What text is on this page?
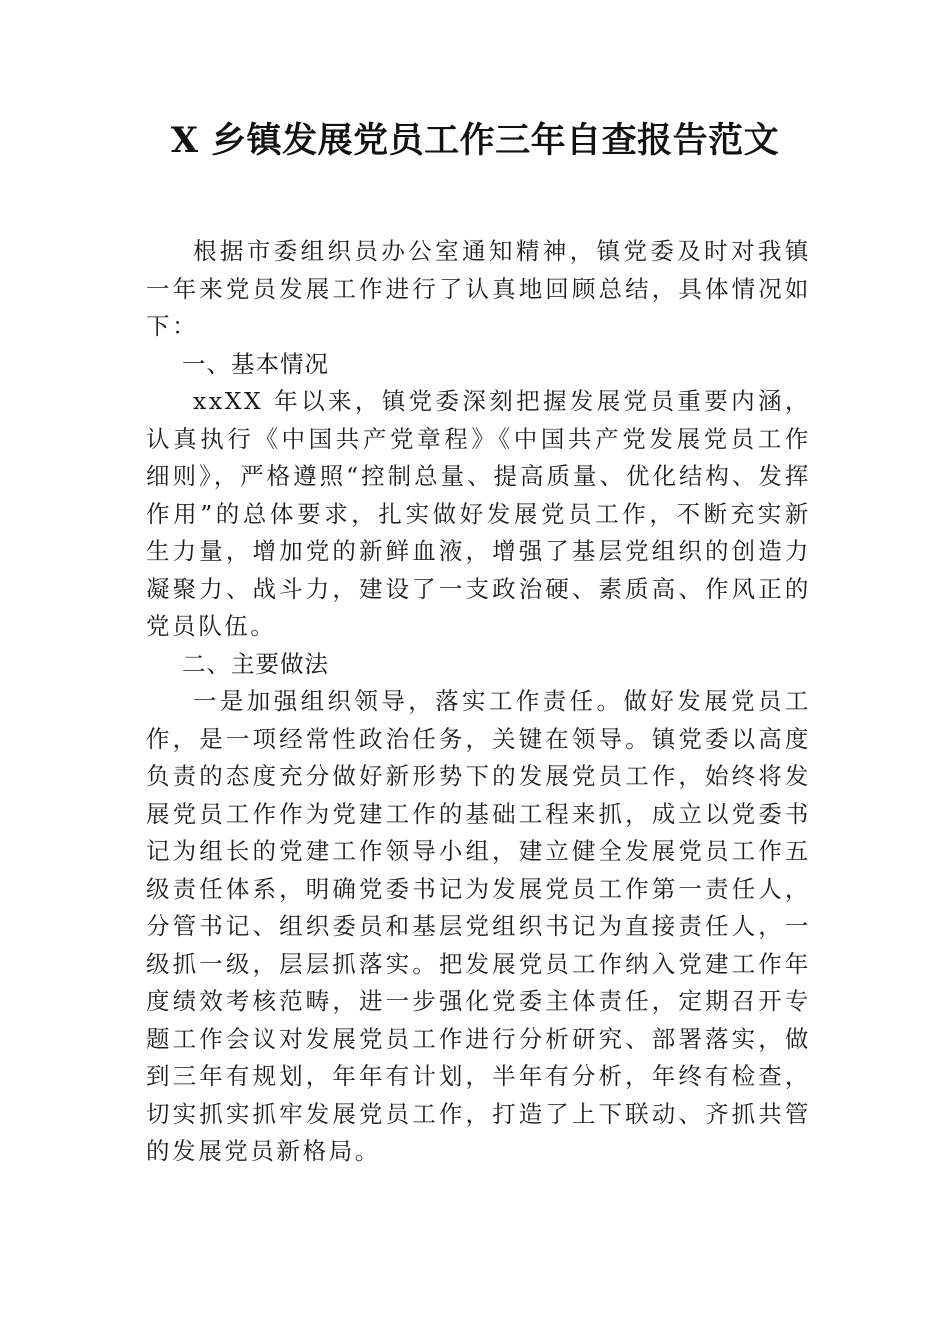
X 乡镇发展党员工作三年自查报告范文

根据市委组织员办公室通知精神，镇党委及时对我镇一年来党员发展工作进行了认真地回顾总结，具体情况如下：

一、基本情况

xxXX 年以来，镇党委深刻把握发展党员重要内涵，认真执行《中国共产党章程》《中国共产党发展党员工作细则》，严格遵照“控制总量、提高质量、优化结构、发挥作用”的总体要求，扎实做好发展党员工作，不断充实新生力量，增加党的新鲜血液，增强了基层党组织的创造力凝聚力、战斗力，建设了一支政治硬、素质高、作风正的党员队伍。

二、主要做法

一是加强组织领导，落实工作责任。做好发展党员工作，是一项经常性政治任务，关键在领导。镇党委以高度负责的态度充分做好新形势下的发展党员工作，始终将发展党员工作作为党建工作的基础工程来抓，成立以党委书记为组长的党建工作领导小组，建立健全发展党员工作五级责任体系，明确党委书记为发展党员工作第一责任人，分管书记、组织委员和基层党组织书记为直接责任人，一级抓一级，层层抓落实。把发展党员工作纳入党建工作年度绩效考核范畴，进一步强化党委主体责任，定期召开专题工作会议对发展党员工作进行分析研究、部署落实，做到三年有规划，年年有计划，半年有分析，年终有检查，切实抓实抓牢发展党员工作，打造了上下联动、齐抓共管的发展党员新格局。
